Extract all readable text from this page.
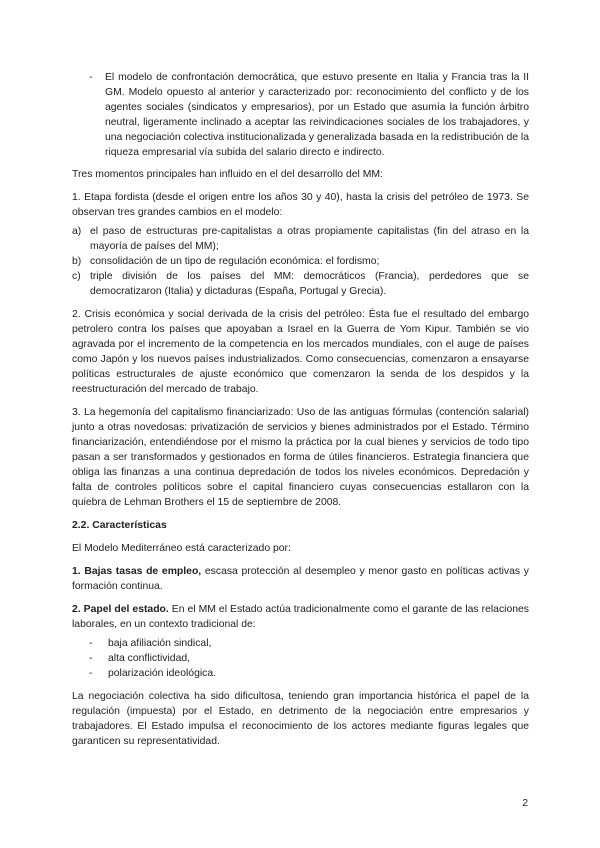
- El modelo de confrontación democrática, que estuvo presente en Italia y Francia tras la II GM. Modelo opuesto al anterior y caracterizado por: reconocimiento del conflicto y de los agentes sociales (sindicatos y empresarios), por un Estado que asumía la función árbitro neutral, ligeramente inclinado a aceptar las reivindicaciones sociales de los trabajadores, y una negociación colectiva institucionalizada y generalizada basada en la redistribución de la riqueza empresarial vía subida del salario directo e indirecto.

Tres momentos principales han influido en el del desarrollo del MM:

1. Etapa fordista (desde el origen entre los años 30 y 40), hasta la crisis del petróleo de 1973. Se observan tres grandes cambios en el modelo:

a) el paso de estructuras pre-capitalistas a otras propiamente capitalistas (fin del atraso en la mayoría de países del MM);
b) consolidación de un tipo de regulación económica: el fordismo;
c) triple división de los países del MM: democráticos (Francia), perdedores que se democratizaron (Italia) y dictaduras (España, Portugal y Grecia).

2. Crisis económica y social derivada de la crisis del petróleo: Ésta fue el resultado del embargo petrolero contra los países que apoyaban a Israel en la Guerra de Yom Kipur. También se vio agravada por el incremento de la competencia en los mercados mundiales, con el auge de países como Japón y los nuevos países industrializados. Como consecuencias, comenzaron a ensayarse políticas estructurales de ajuste económico que comenzaron la senda de los despidos y la reestructuración del mercado de trabajo.

3. La hegemonía del capitalismo financiarizado: Uso de las antiguas fórmulas (contención salarial) junto a otras novedosas: privatización de servicios y bienes administrados por el Estado. Término financiarización, entendiéndose por el mismo la práctica por la cual bienes y servicios de todo tipo pasan a ser transformados y gestionados en forma de útiles financieros. Estrategia financiera que obliga las finanzas a una continua depredación de todos los niveles económicos. Depredación y falta de controles políticos sobre el capital financiero cuyas consecuencias estallaron con la quiebra de Lehman Brothers el 15 de septiembre de 2008.

2.2. Características

El Modelo Mediterráneo está caracterizado por:

1. Bajas tasas de empleo, escasa protección al desempleo y menor gasto en políticas activas y formación continua.

2. Papel del estado. En el MM el Estado actúa tradicionalmente como el garante de las relaciones laborales, en un contexto tradicional de:

- baja afiliación sindical,
- alta conflictividad,
- polarización ideológica.

La negociación colectiva ha sido dificultosa, teniendo gran importancia histórica el papel de la regulación (impuesta) por el Estado, en detrimento de la negociación entre empresarios y trabajadores. El Estado impulsa el reconocimiento de los actores mediante figuras legales que garanticen su representatividad.

2
